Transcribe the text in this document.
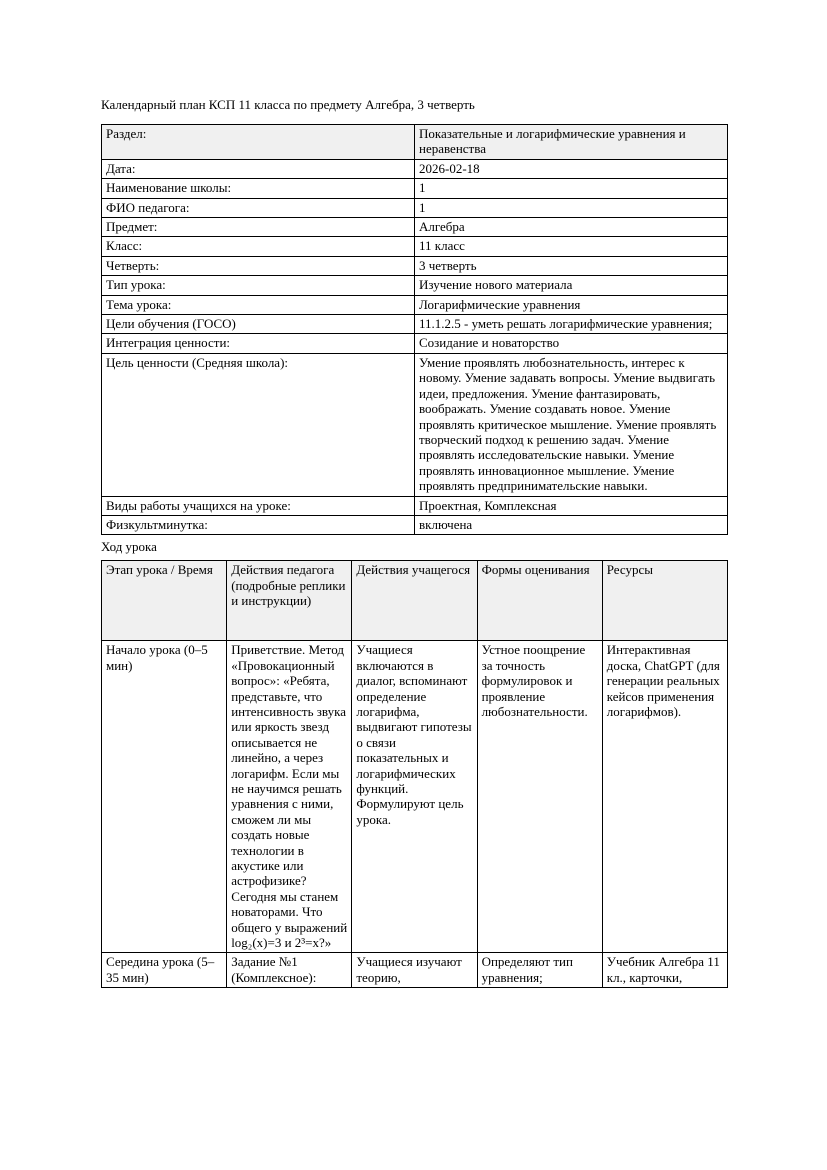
Календарный план КСП 11 класса по предмету Алгебра, 3 четверть

Раздел:	Показательные и логарифмические уравнения и неравенства
Дата:	2026-02-18
Наименование школы:	1
ФИО педагога:	1
Предмет:	Алгебра
Класс:	11 класс
Четверть:	3 четверть
Тип урока:	Изучение нового материала
Тема урока:	Логарифмические уравнения
Цели обучения (ГОСО)	11.1.2.5 - уметь решать логарифмические уравнения;
Интеграция ценности:	Созидание и новаторство
Цель ценности (Средняя школа):	Умение проявлять любознательность, интерес к новому. Умение задавать вопросы. Умение выдвигать идеи, предложения. Умение фантазировать, воображать. Умение создавать новое. Умение проявлять критическое мышление. Умение проявлять творческий подход к решению задач. Умение проявлять исследовательские навыки. Умение проявлять инновационное мышление. Умение проявлять предпринимательские навыки.
Виды работы учащихся на уроке:	Проектная, Комплексная
Физкультминутка:	включена

Ход урока

Этап урока / Время	Действия педагога (подробные реплики и инструкции)	Действия учащегося	Формы оценивания	Ресурсы
Начало урока (0–5 мин)	Приветствие. Метод «Провокационный вопрос»: «Ребята, представьте, что интенсивность звука или яркость звезд описывается не линейно, а через логарифм. Если мы не научимся решать уравнения с ними, сможем ли мы создать новые технологии в акустике или астрофизике? Сегодня мы станем новаторами. Что общего у выражений log₂(x)=3 и 2³=x?»	Учащиеся включаются в диалог, вспоминают определение логарифма, выдвигают гипотезы о связи показательных и логарифмических функций. Формулируют цель урока.	Устное поощрение за точность формулировок и проявление любознательности.	Интерактивная доска, ChatGPT (для генерации реальных кейсов применения логарифмов).
Середина урока (5–35 мин)	Задание №1 (Комплексное):	Учащиеся изучают теорию,	Определяют тип уравнения;	Учебник Алгебра 11 кл., карточки,
